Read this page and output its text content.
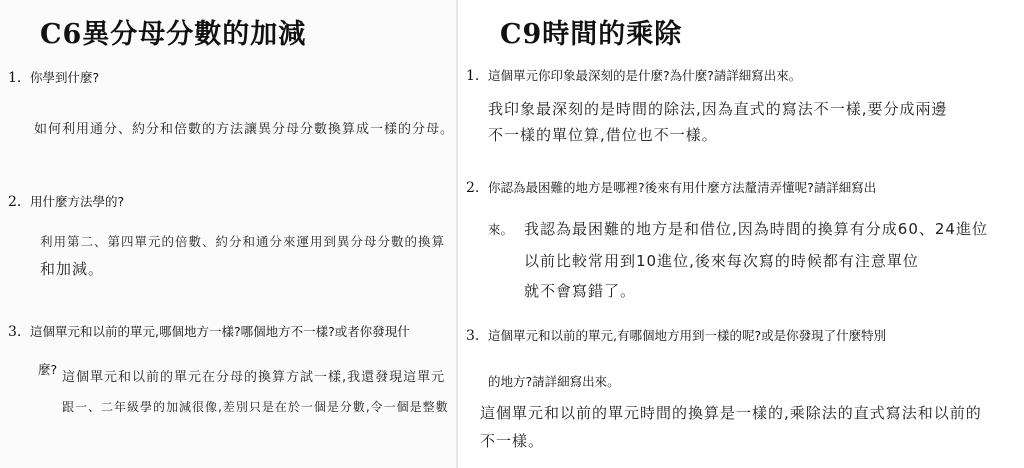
C6異分母分數的加減
1. 你學到什麼?
如何利用通分、約分和倍數的方法讓異分母分數換算成一樣的分母。
2. 用什麼方法學的?
利用第二、第四單元的倍數、約分和通分來運用到異分母分數的換算
和加減。
3. 這個單元和以前的單元,哪個地方一樣?哪個地方不一樣?或者你發現什
麼?
這個單元和以前的單元在分母的換算方試一樣,我還發現這單元
跟一、二年級學的加減很像,差別只是在於一個是分數,令一個是整數
C9時間的乘除
1. 這個單元你印象最深刻的是什麼?為什麼?請詳細寫出來。
我印象最深刻的是時間的除法,因為直式的寫法不一樣,要分成兩邊
不一樣的單位算,借位也不一樣。
2. 你認為最困難的地方是哪裡?後來有用什麼方法釐清弄懂呢?請詳細寫出
來。 我認為最困難的地方是和借位,因為時間的換算有分成60、24進位
以前比較常用到10進位,後來每次寫的時候都有注意單位
就不會寫錯了。
3. 這個單元和以前的單元,有哪個地方用到一樣的呢?或是你發現了什麼特別
的地方?請詳細寫出來。
這個單元和以前的單元時間的換算是一樣的,乘除法的直式寫法和以前的
不一樣。
